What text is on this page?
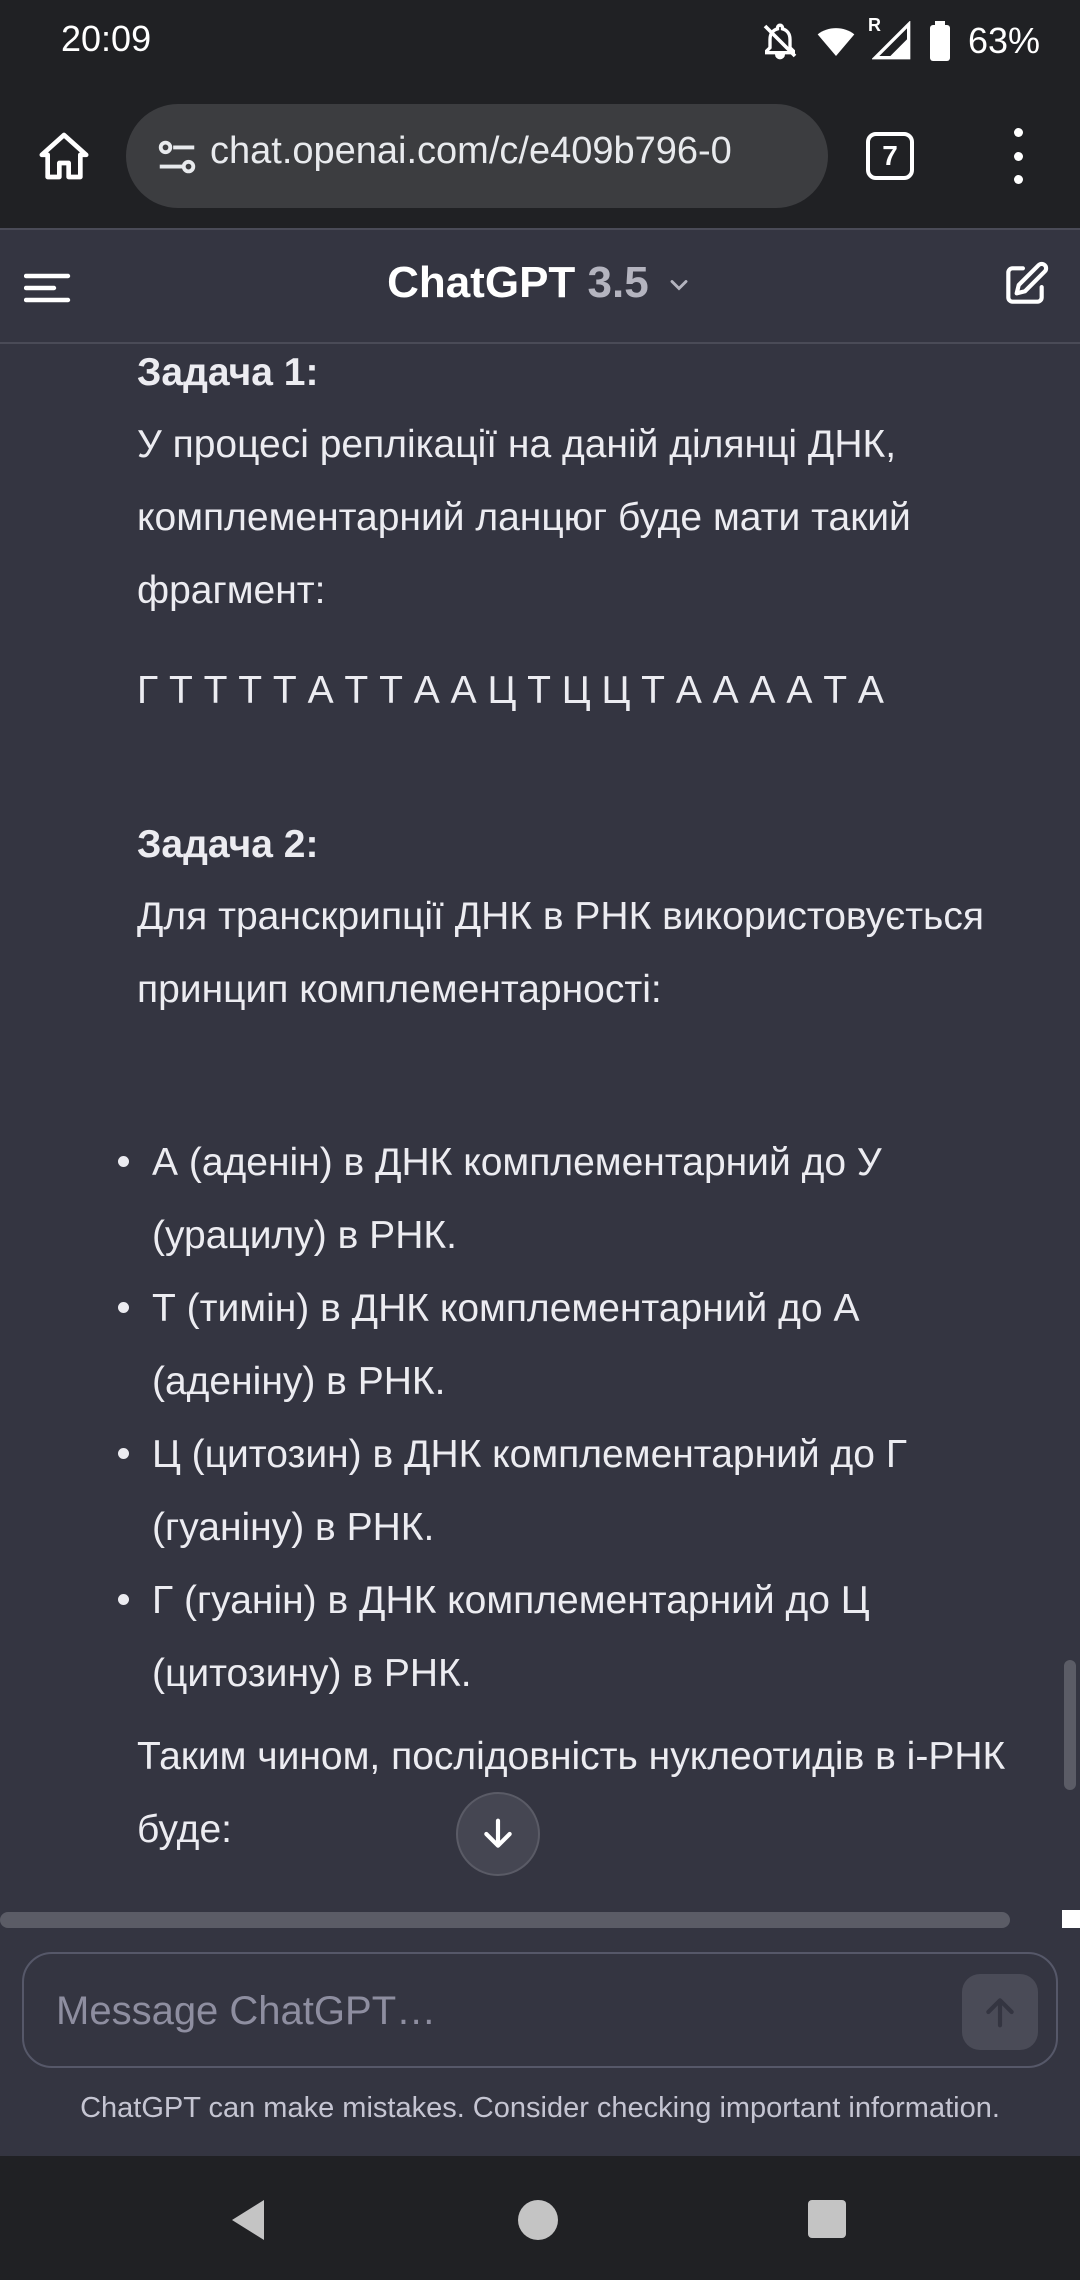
20:09	R 63%
chat.openai.com/c/e409b796-0	7
ChatGPT 3.5
Задача 1:
У процесі реплікації на даній ділянці ДНК, комплементарний ланцюг буде мати такий фрагмент:
Г Т Т Т Т А Т Т А А Ц Т Ц Ц Т А А А А Т А
Задача 2:
Для транскрипції ДНК в РНК використовується принцип комплементарності:
А (аденін) в ДНК комплементарний до У (урацилу) в РНК.
Т (тимін) в ДНК комплементарний до А (аденіну) в РНК.
Ц (цитозин) в ДНК комплементарний до Г (гуаніну) в РНК.
Г (гуанін) в ДНК комплементарний до Ц (цитозину) в РНК.
Таким чином, послідовність нуклеотидів в і-РНК буде:
Message ChatGPT…
ChatGPT can make mistakes. Consider checking important information.
